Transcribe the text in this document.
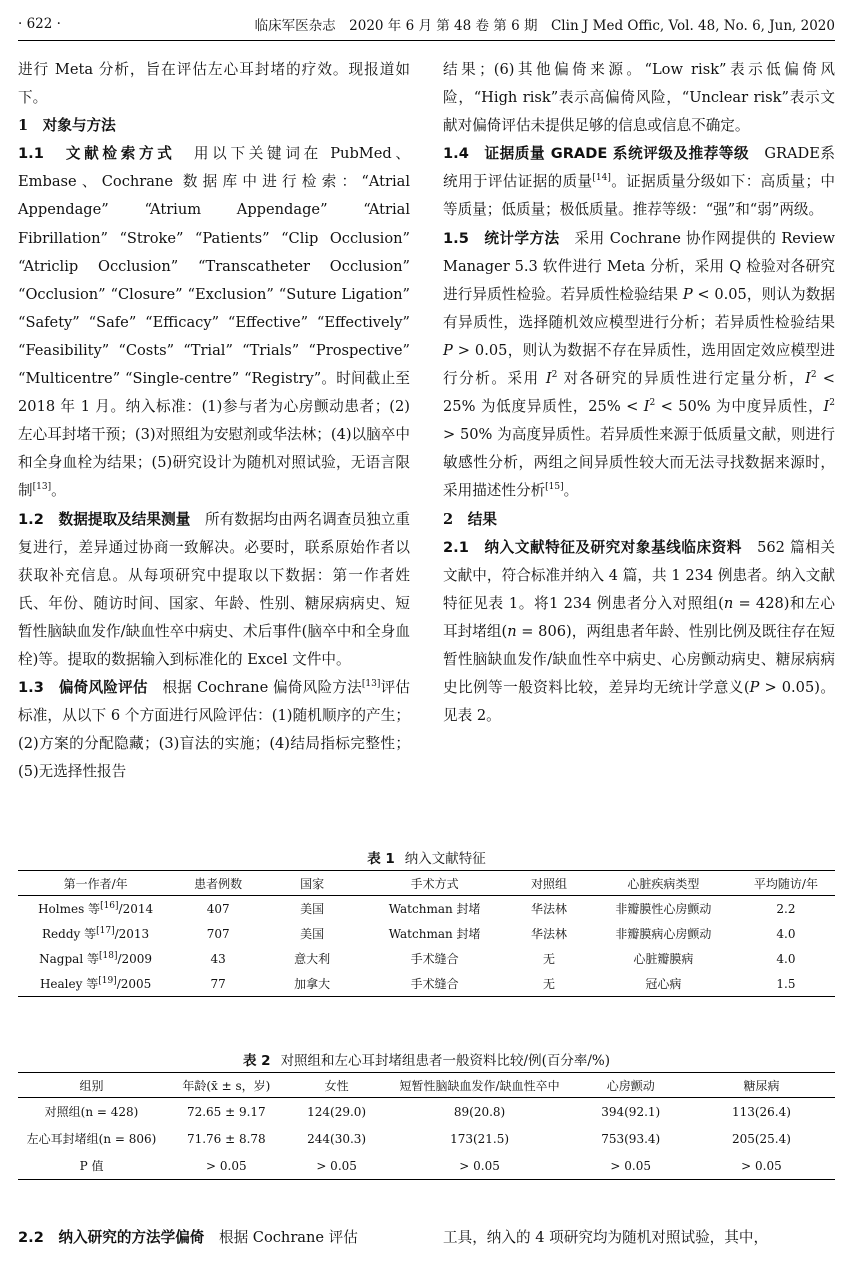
· 622 ·	临床军医杂志　2020 年 6 月 第 48 卷 第 6 期　Clin J Med Offic, Vol. 48, No. 6, Jun, 2020

进行 Meta 分析，旨在评估左心耳封堵的疗效。现报道如下。

1　对象与方法

1.1　文献检索方式　用以下关键词在 PubMed、Embase、Cochrane 数据库中进行检索：“Atrial Appendage” “Atrium Appendage” “Atrial Fibrillation” “Stroke” “Patients” “Clip Occlusion” “Atriclip Occlusion” “Transcatheter Occlusion” “Occlusion” “Closure” “Exclusion” “Suture Ligation” “Safety” “Safe” “Efficacy” “Effective” “Effectively” “Feasibility” “Costs” “Trial” “Trials” “Prospective” “Multicentre” “Single-centre” “Registry”。时间截止至 2018 年 1 月。纳入标准：(1)参与者为心房颤动患者；(2)左心耳封堵干预；(3)对照组为安慰剂或华法林；(4)以脑卒中和全身血栓为结果；(5)研究设计为随机对照试验，无语言限制[13]。

1.2　数据提取及结果测量　所有数据均由两名调查员独立重复进行，差异通过协商一致解决。必要时，联系原始作者以获取补充信息。从每项研究中提取以下数据：第一作者姓氏、年份、随访时间、国家、年龄、性别、糖尿病病史、短暂性脑缺血发作/缺血性卒中病史、术后事件(脑卒中和全身血栓)等。提取的数据输入到标准化的 Excel 文件中。

1.3　偏倚风险评估　根据 Cochrane 偏倚风险方法[13]评估标准，从以下 6 个方面进行风险评估：(1)随机顺序的产生；(2)方案的分配隐藏；(3)盲法的实施；(4)结局指标完整性；(5)无选择性报告

结果；(6)其他偏倚来源。“Low risk”表示低偏倚风险，“High risk”表示高偏倚风险，“Unclear risk”表示文献对偏倚评估未提供足够的信息或信息不确定。

1.4　证据质量 GRADE 系统评级及推荐等级　GRADE系统用于评估证据的质量[14]。证据质量分级如下：高质量；中等质量；低质量；极低质量。推荐等级：“强”和“弱”两级。

1.5　统计学方法　采用 Cochrane 协作网提供的 Review Manager 5.3 软件进行 Meta 分析，采用 Q 检验对各研究进行异质性检验。若异质性检验结果 P < 0.05，则认为数据有异质性，选择随机效应模型进行分析；若异质性检验结果 P > 0.05，则认为数据不存在异质性，选用固定效应模型进行分析。采用 $I^2$ 对各研究的异质性进行定量分析，$I^2 < 25\%$ 为低度异质性，$25\% < I^2 < 50\%$ 为中度异质性，$I^2 > 50\%$ 为高度异质性。若异质性来源于低质量文献，则进行敏感性分析，两组之间异质性较大而无法寻找数据来源时，采用描述性分析[15]。

2　结果

2.1　纳入文献特征及研究对象基线临床资料　562 篇相关文献中，符合标准并纳入 4 篇，共 1 234 例患者。纳入文献特征见表 1。将1 234 例患者分入对照组(n = 428)和左心耳封堵组(n = 806)，两组患者年龄、性别比例及既往存在短暂性脑缺血发作/缺血性卒中病史、心房颤动病史、糖尿病病史比例等一般资料比较，差异均无统计学意义(P > 0.05)。见表 2。

表 1 纳入文献特征
第一作者/年	患者例数	国家	手术方式	对照组	心脏疾病类型	平均随访/年
Holmes 等[16]/2014	407	美国	Watchman 封堵	华法林	非瓣膜性心房颤动	2.2
Reddy 等[17]/2013	707	美国	Watchman 封堵	华法林	非瓣膜病心房颤动	4.0
Nagpal 等[18]/2009	43	意大利	手术缝合	无	心脏瓣膜病	4.0
Healey 等[19]/2005	77	加拿大	手术缝合	无	冠心病	1.5
表 2 对照组和左心耳封堵组患者一般资料比较/例(百分率/%)
组别	年龄(x̄ ± s，岁)	女性	短暂性脑缺血发作/缺血性卒中	心房颤动	糖尿病
对照组(n = 428)	72.65 ± 9.17	124(29.0)	89(20.8)	394(92.1)	113(26.4)
左心耳封堵组(n = 806)	71.76 ± 8.78	244(30.3)	173(21.5)	753(93.4)	205(25.4)
P 值	> 0.05	> 0.05	> 0.05	> 0.05	> 0.05
2.2　纳入研究的方法学偏倚　根据 Cochrane 评估	工具，纳入的 4 项研究均为随机对照试验，其中，
